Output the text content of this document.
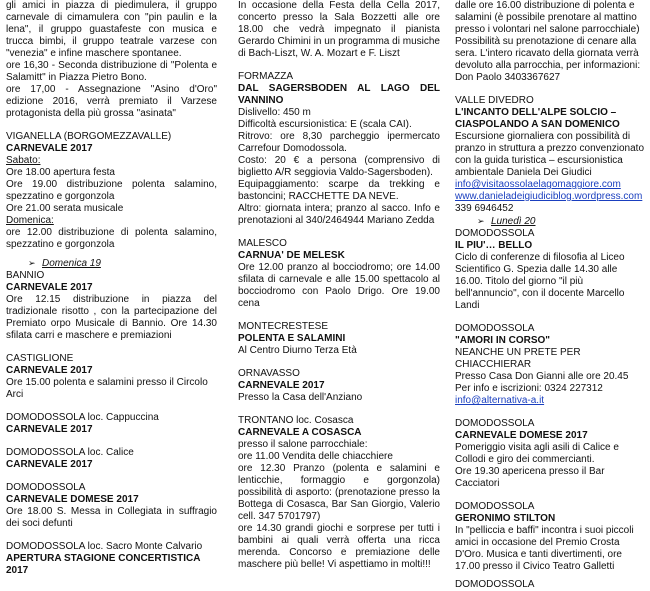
gli amici in piazza di piedimulera, il gruppo carnevale di cimamulera con "pin paulin e la lena", il gruppo guastafeste con musica e trucca bimbi, il gruppo teatrale varzese con "venezia" e infine maschere spontanee.
ore 16,30 - Seconda distribuzione di "Polenta e Salamitt" in Piazza Pietro Bono.
ore 17,00 - Assegnazione "Asino d'Oro" edizione 2016, verrà premiato il Varzese protagonista della più grossa "asinata"
VIGANELLA (BORGOMEZZAVALLE)
CARNEVALE 2017
Sabato:
Ore 18.00 apertura festa
Ore 19.00 distribuzione polenta salamino, spezzatino e gorgonzola
Ore 21.00 serata musicale
Domenica:
ore 12.00 distribuzione di polenta salamino, spezzatino e gorgonzola
➢ Domenica 19
BANNIO
CARNEVALE 2017
Ore 12.15 distribuzione in piazza del tradizionale risotto , con la partecipazione del Premiato orpo Musicale di Bannio. Ore 14.30 sfilata carri e maschere e premiazioni
CASTIGLIONE
CARNEVALE 2017
Ore 15.00 polenta e salamini presso il Circolo Arci
DOMODOSSOLA loc. Cappuccina
CARNEVALE 2017
DOMODOSSOLA loc. Calice
CARNEVALE 2017
DOMODOSSOLA
CARNEVALE DOMESE 2017
Ore 18.00 S. Messa in Collegiata in suffragio dei soci defunti
DOMODOSSOLA loc. Sacro Monte Calvario
APERTURA STAGIONE CONCERTISTICA 2017
In occasione della Festa della Cella 2017, concerto presso la Sala Bozzetti alle ore 18.00 che vedrà impegnato il pianista Gerardo Chimini in un programma di musiche di Bach-Liszt, W. A. Mozart e F. Liszt
FORMAZZA
DAL SAGERSBODEN AL LAGO DEL VANNINO
Dislivello: 450 m
Difficoltà escursionistica: E (scala CAI).
Ritrovo: ore 8,30 parcheggio ipermercato Carrefour Domodossola.
Costo: 20 € a persona (comprensivo di biglietto A/R seggiovia Valdo-Sagersboden).
Equipaggiamento: scarpe da trekking e bastoncini; RACCHETTE DA NEVE.
Altro: giornata intera; pranzo al sacco. Info e prenotazioni al 340/2464944 Mariano Zedda
MALESCO
CARNUA' DE MELESK
Ore 12.00 pranzo al bocciodromo; ore 14.00 sfilata di carnevale e alle 15.00 spettacolo al bocciodromo con Paolo Drigo. Ore 19.00 cena
MONTECRESTESE
POLENTA E SALAMINI
Al Centro Diurno Terza Età
ORNAVASSO
CARNEVALE 2017
Presso la Casa dell'Anziano
TRONTANO loc. Cosasca
CARNEVALE A COSASCA
presso il salone parrocchiale:
ore 11.00 Vendita delle chiacchiere
ore 12.30 Pranzo (polenta e salamini e lenticchie, formaggio e gorgonzola) possibilità di asporto: (prenotazione presso la Bottega di Cosasca, Bar San Giorgio, Valerio cell. 347 5701797)
ore 14.30 grandi giochi e sorprese per tutti i bambini ai quali verrà offerta una ricca merenda. Concorso e premiazione delle maschere più belle! Vi aspettiamo in molti!!!
dalle ore 16.00 distribuzione di polenta e salamini (è possibile prenotare al mattino presso i volontari nel salone parrocchiale) Possibilità su prenotazione di cenare alla sera. L'intero ricavato della giornata verrà devoluto alla parrocchia, per informazioni: Don Paolo 3403367627
VALLE DIVEDRO
L'INCANTO DELL'ALPE SOLCIO – CIASPOLANDO A SAN DOMENICO
Escursione giornaliera con possibilità di pranzo in struttura a prezzo convenzionato con la guida turistica – escursionistica ambientale Daniela Dei Giudici
info@visitaossolaelagomaggiore.com
www.danieladeigiudiciblog.wordpress.com
339 6946452
➢ Lunedì 20
DOMODOSSOLA
IL PIU'… BELLO
Ciclo di conferenze di filosofia al Liceo Scientifico G. Spezia dalle 14.30 alle 16.00. Titolo del giorno "il più bell'annuncio", con il docente Marcello Landi
DOMODOSSOLA
"AMORI IN CORSO"
NEANCHE UN PRETE PER CHIACCHIERAR
Presso Casa Don Gianni alle ore 20.45
Per info e iscrizioni: 0324 227312
info@alternativa-a.it
DOMODOSSOLA
CARNEVALE DOMESE 2017
Pomeriggio visita agli asili di Calice e Collodi e giro dei commercianti.
Ore 19.30 apericena presso il Bar Cacciatori
DOMODOSSOLA
GERONIMO STILTON
In "pelliccia e baffi" incontra i suoi piccoli amici in occasione del Premio Crosta D'Oro. Musica e tanti divertimenti, ore 17.00 presso il Civico Teatro Galletti
DOMODOSSOLA
